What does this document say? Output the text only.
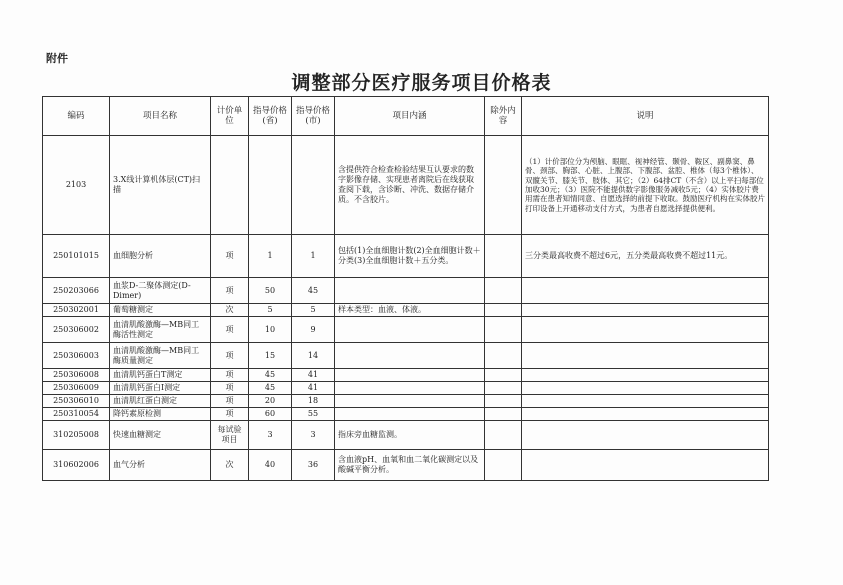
附件
调整部分医疗服务项目价格表
编码	项目名称	计价单位	指导价格(省)	指导价格(市)	项目内涵	除外内容	说明
2103	3.X线计算机体层(CT)扫描				含提供符合检查检验结果互认要求的数字影像存储、实现患者离院后在线获取查阅下载，含诊断、冲洗、数据存储介质。不含胶片。		（1）计价部位分为颅脑、眼眶、视神经管、颞骨、鞍区、副鼻窦、鼻骨、颈部、胸部、心脏、上腹部、下腹部、盆腔、椎体（每3个椎体）、双髋关节、膝关节、肢体、其它；（2）64排CT（不含）以上平扫每部位加收30元；（3）医院不能提供数字影像服务减收5元；（4）实体胶片费用需在患者知情同意、自愿选择的前提下收取。鼓励医疗机构在实体胶片打印设备上开通移动支付方式，为患者自愿选择提供便利。
250101015	血细胞分析	项	1	1	包括(1)全血细胞计数(2)全血细胞计数＋分类(3)全血细胞计数＋五分类。		三分类最高收费不超过6元，五分类最高收费不超过11元。
250203066	血浆D-二聚体测定(D-Dimer)	项	50	45			
250302001	葡萄糖测定	次	5	5	样本类型：血液、体液。		
250306002	血清肌酸激酶—MB同工酶活性测定	项	10	9			
250306003	血清肌酸激酶—MB同工酶质量测定	项	15	14			
250306008	血清肌钙蛋白T测定	项	45	41			
250306009	血清肌钙蛋白Ⅰ测定	项	45	41			
250306010	血清肌红蛋白测定	项	20	18			
250310054	降钙素原检测	项	60	55			
310205008	快速血糖测定	每试验项目	3	3	指床旁血糖监测。		
310602006	血气分析	次	40	36	含血液pH、血氧和血二氧化碳测定以及酸碱平衡分析。		
